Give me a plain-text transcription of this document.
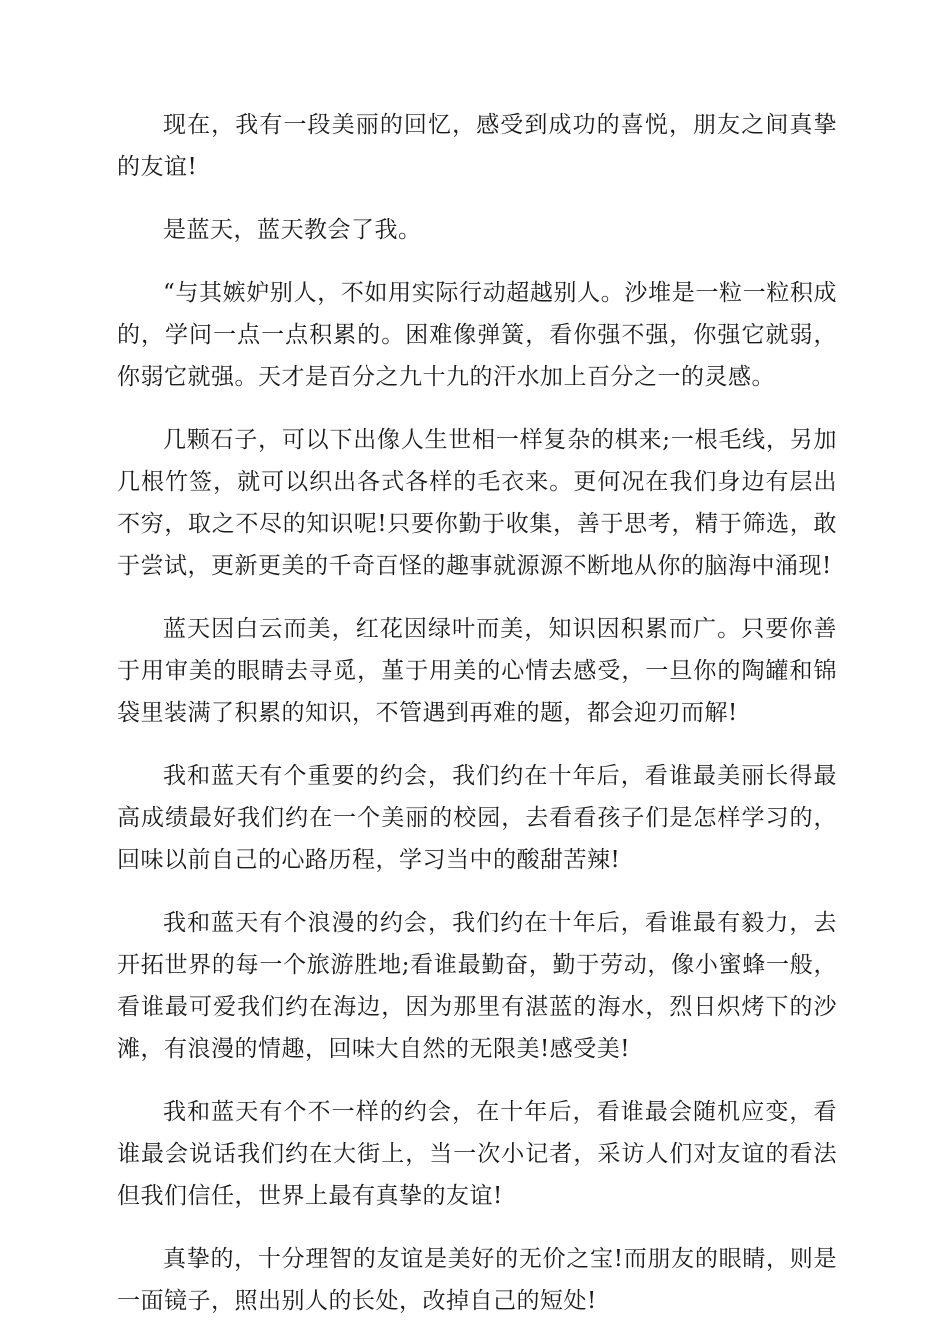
现在，我有一段美丽的回忆，感受到成功的喜悦，朋友之间真挚的友谊!

是蓝天，蓝天教会了我。

“与其嫉妒别人，不如用实际行动超越别人。沙堆是一粒一粒积成的，学问一点一点积累的。困难像弹簧，看你强不强，你强它就弱，你弱它就强。天才是百分之九十九的汗水加上百分之一的灵感。

几颗石子，可以下出像人生世相一样复杂的棋来;一根毛线，另加几根竹签，就可以织出各式各样的毛衣来。更何况在我们身边有层出不穷，取之不尽的知识呢!只要你勤于收集，善于思考，精于筛选，敢于尝试，更新更美的千奇百怪的趣事就源源不断地从你的脑海中涌现!

蓝天因白云而美，红花因绿叶而美，知识因积累而广。只要你善于用审美的眼睛去寻觅，堇于用美的心情去感受，一旦你的陶罐和锦袋里装满了积累的知识，不管遇到再难的题，都会迎刃而解!

我和蓝天有个重要的约会，我们约在十年后，看谁最美丽长得最高成绩最好我们约在一个美丽的校园，去看看孩子们是怎样学习的，回味以前自己的心路历程，学习当中的酸甜苦辣!

我和蓝天有个浪漫的约会，我们约在十年后，看谁最有毅力，去开拓世界的每一个旅游胜地;看谁最勤奋，勤于劳动，像小蜜蜂一般，看谁最可爱我们约在海边，因为那里有湛蓝的海水，烈日炽烤下的沙滩，有浪漫的情趣，回味大自然的无限美!感受美!

我和蓝天有个不一样的约会，在十年后，看谁最会随机应变，看谁最会说话我们约在大街上，当一次小记者，采访人们对友谊的看法但我们信任，世界上最有真挚的友谊!

真挚的，十分理智的友谊是美好的无价之宝!而朋友的眼睛，则是一面镜子，照出别人的长处，改掉自己的短处!
